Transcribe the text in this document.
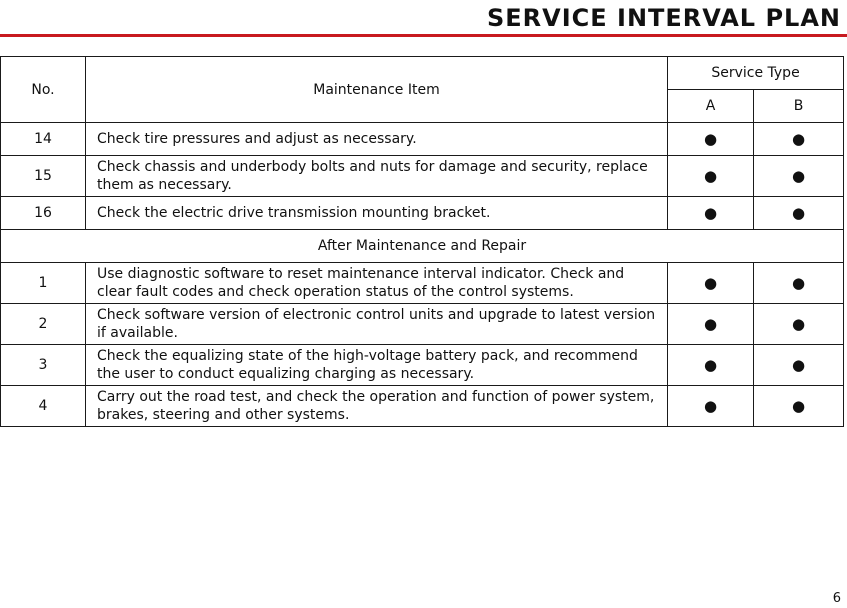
SERVICE INTERVAL PLAN
No.	Maintenance Item	Service Type	
		A	B
14	Check tire pressures and adjust as necessary.	●	●
15	Check chassis and underbody bolts and nuts for damage and security, replace them as necessary.	●	●
16	Check the electric drive transmission mounting bracket.	●	●
After Maintenance and Repair			
1	Use diagnostic software to reset maintenance interval indicator. Check and clear fault codes and check operation status of the control systems.	●	●
2	Check software version of electronic control units and upgrade to latest version if available.	●	●
3	Check the equalizing state of the high-voltage battery pack, and recommend the user to conduct equalizing charging as necessary.	●	●
4	Carry out the road test, and check the operation and function of power system, brakes, steering and other systems.	●	●
6
